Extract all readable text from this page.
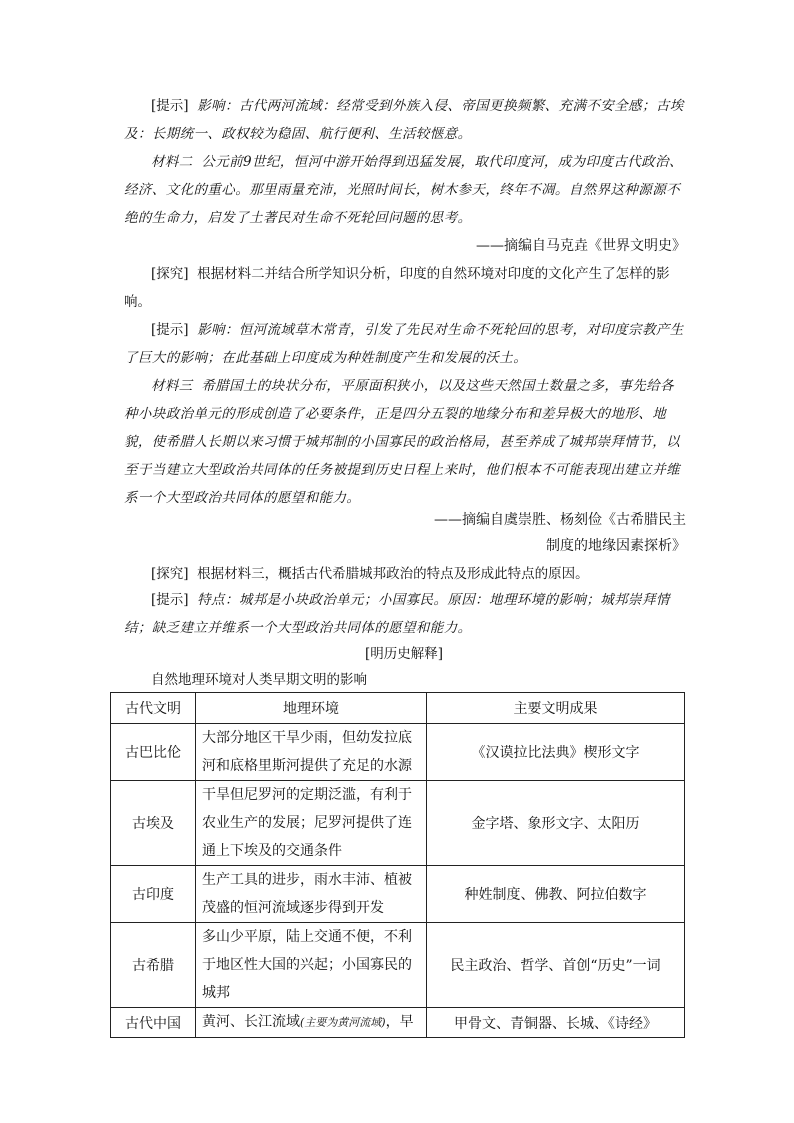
[提示] 影响：古代两河流域：经常受到外族入侵、帝国更换频繁、充满不安全感；古埃及：长期统一、政权较为稳固、航行便利、生活较惬意。

材料二 公元前9世纪，恒河中游开始得到迅猛发展，取代印度河，成为印度古代政治、经济、文化的重心。那里雨量充沛，光照时间长，树木参天，终年不凋。自然界这种源源不绝的生命力，启发了土著民对生命不死轮回问题的思考。

——摘编自马克垚《世界文明史》

[探究] 根据材料二并结合所学知识分析，印度的自然环境对印度的文化产生了怎样的影响。

[提示] 影响：恒河流域草木常青，引发了先民对生命不死轮回的思考，对印度宗教产生了巨大的影响；在此基础上印度成为种姓制度产生和发展的沃土。

材料三 希腊国土的块状分布，平原面积狭小，以及这些天然国土数量之多，事先给各种小块政治单元的形成创造了必要条件，正是四分五裂的地缘分布和差异极大的地形、地貌，使希腊人长期以来习惯于城邦制的小国寡民的政治格局，甚至养成了城邦崇拜情节，以至于当建立大型政治共同体的任务被提到历史日程上来时，他们根本不可能表现出建立并维系一个大型政治共同体的愿望和能力。

——摘编自虞崇胜、杨刻俭《古希腊民主
制度的地缘因素探析》

[探究] 根据材料三，概括古代希腊城邦政治的特点及形成此特点的原因。

[提示] 特点：城邦是小块政治单元；小国寡民。原因：地理环境的影响；城邦崇拜情结；缺乏建立并维系一个大型政治共同体的愿望和能力。

[明历史解释]
自然地理环境对人类早期文明的影响
古代文明	地理环境	主要文明成果
古巴比伦	大部分地区干旱少雨，但幼发拉底河和底格里斯河提供了充足的水源	《汉谟拉比法典》楔形文字
古埃及	干旱但尼罗河的定期泛滥，有利于农业生产的发展；尼罗河提供了连通上下埃及的交通条件	金字塔、象形文字、太阳历
古印度	生产工具的进步，雨水丰沛、植被茂盛的恒河流域逐步得到开发	种姓制度、佛教、阿拉伯数字
古希腊	多山少平原，陆上交通不便，不利于地区性大国的兴起；小国寡民的城邦	民主政治、哲学、首创“历史”一词
古代中国	黄河、长江流域(主要为黄河流域)，早	甲骨文、青铜器、长城、《诗经》
